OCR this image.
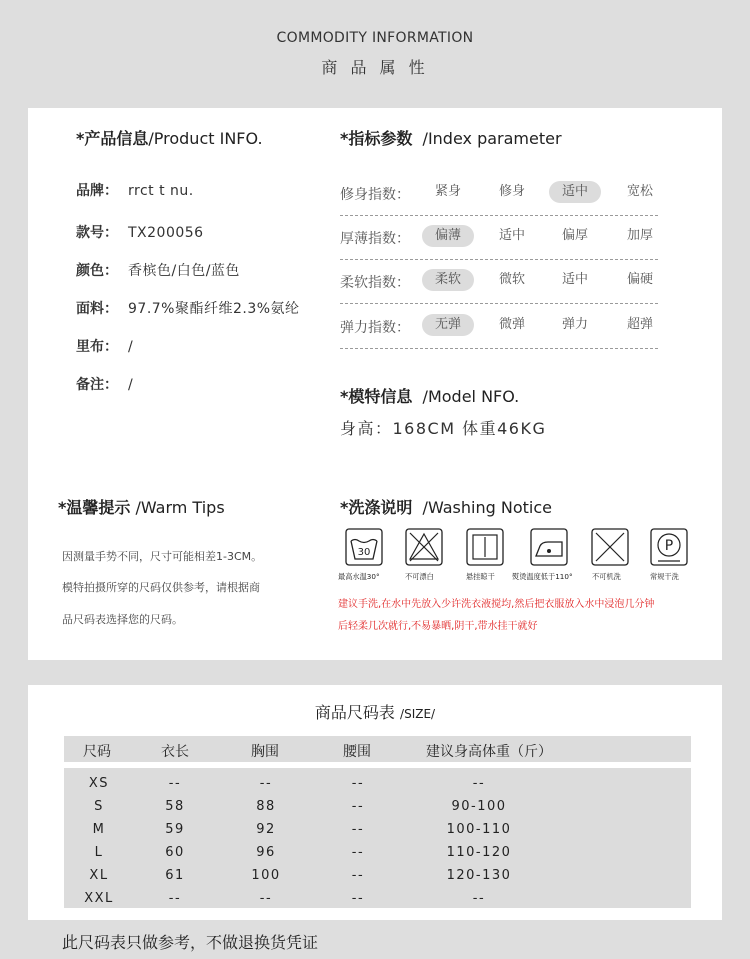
COMMODITY INFORMATION
商 品 属 性
*产品信息/Product INFO.
品牌： rrct t nu.
款号： TX200056
颜色： 香槟色/白色/蓝色
面料： 97.7%聚酯纤维2.3%氨纶
里布： /
备注： /
*指标参数 /Index parameter
修身指数：	紧身	修身	适中	宽松
厚薄指数：	偏薄	适中	偏厚	加厚
柔软指数：	柔软	微软	适中	偏硬
弹力指数：	无弹	微弹	弹力	超弹
*模特信息 /Model NFO.
身高：168CM 体重46KG
*温馨提示 /Warm Tips
因测量手势不同，尺寸可能相差1-3CM。
模特拍摄所穿的尺码仅供参考，请根据商
品尺码表选择您的尺码。
*洗涤说明 /Washing Notice
30	P
最高水温30°	不可漂白	悬挂晾干 熨烫温度低于110° 不可机洗	常规干洗
建议手洗,在水中先放入少许洗衣液搅均,然后把衣服放入水中浸泡几分钟
后轻柔几次就行,不易暴晒,阴干,带水挂干就好
商品尺码表 /SIZE/
尺码	衣长	胸围	腰围	建议身高体重（斤）
XS	--	--	--	--
S	58	88	--	90-100
M	59	92	--	100-110
L	60	96	--	110-120
XL	61	100	--	120-130
XXL	--	--	--	--
此尺码表只做参考，不做退换货凭证
